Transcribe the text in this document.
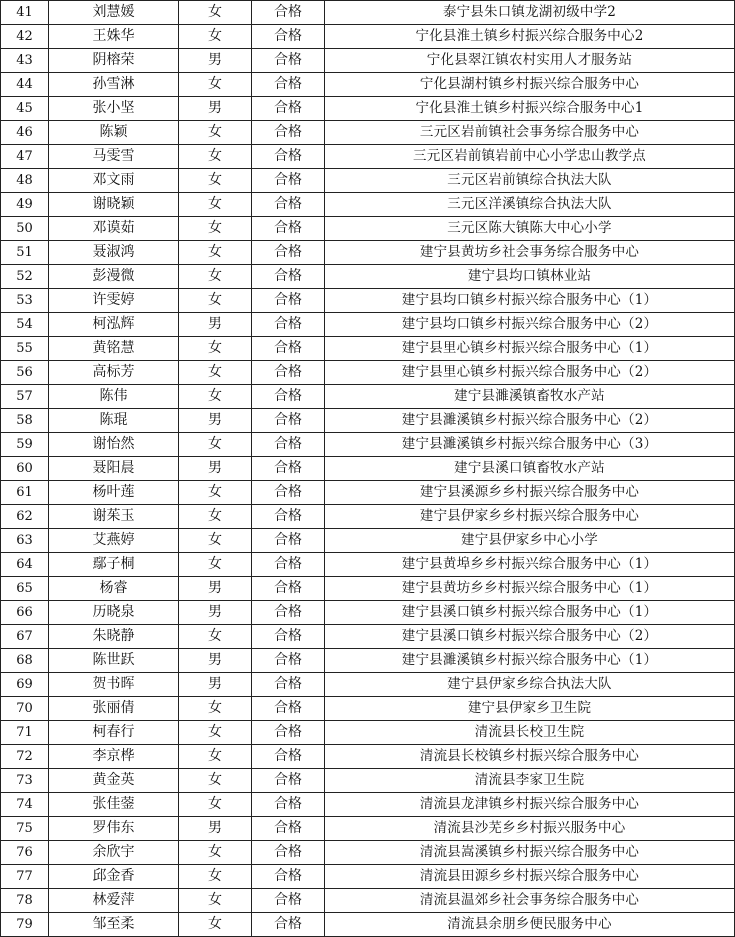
41	刘慧媛	女	合格	泰宁县朱口镇龙湖初级中学2
42	王姝华	女	合格	宁化县淮土镇乡村振兴综合服务中心2
43	阴榕荣	男	合格	宁化县翠江镇农村实用人才服务站
44	孙雪淋	女	合格	宁化县湖村镇乡村振兴综合服务中心
45	张小坚	男	合格	宁化县淮土镇乡村振兴综合服务中心1
46	陈颖	女	合格	三元区岩前镇社会事务综合服务中心
47	马雯雪	女	合格	三元区岩前镇岩前中心小学忠山教学点
48	邓文雨	女	合格	三元区岩前镇综合执法大队
49	谢晓颖	女	合格	三元区洋溪镇综合执法大队
50	邓谟茹	女	合格	三元区陈大镇陈大中心小学
51	聂淑鸿	女	合格	建宁县黄坊乡社会事务综合服务中心
52	彭漫微	女	合格	建宁县均口镇林业站
53	许雯婷	女	合格	建宁县均口镇乡村振兴综合服务中心（1）
54	柯泓辉	男	合格	建宁县均口镇乡村振兴综合服务中心（2）
55	黄铭慧	女	合格	建宁县里心镇乡村振兴综合服务中心（1）
56	高标芳	女	合格	建宁县里心镇乡村振兴综合服务中心（2）
57	陈伟	女	合格	建宁县濉溪镇畜牧水产站
58	陈琨	男	合格	建宁县濉溪镇乡村振兴综合服务中心（2）
59	谢怡然	女	合格	建宁县濉溪镇乡村振兴综合服务中心（3）
60	聂阳晨	男	合格	建宁县溪口镇畜牧水产站
61	杨叶莲	女	合格	建宁县溪源乡乡村振兴综合服务中心
62	谢茱玉	女	合格	建宁县伊家乡乡村振兴综合服务中心
63	艾燕婷	女	合格	建宁县伊家乡中心小学
64	鄢子桐	女	合格	建宁县黄埠乡乡村振兴综合服务中心（1）
65	杨睿	男	合格	建宁县黄坊乡乡村振兴综合服务中心（1）
66	历晓泉	男	合格	建宁县溪口镇乡村振兴综合服务中心（1）
67	朱晓静	女	合格	建宁县溪口镇乡村振兴综合服务中心（2）
68	陈世跃	男	合格	建宁县濉溪镇乡村振兴综合服务中心（1）
69	贺书晖	男	合格	建宁县伊家乡综合执法大队
70	张丽倩	女	合格	建宁县伊家乡卫生院
71	柯春行	女	合格	清流县长校卫生院
72	李京桦	女	合格	清流县长校镇乡村振兴综合服务中心
73	黄金英	女	合格	清流县李家卫生院
74	张佳蓥	女	合格	清流县龙津镇乡村振兴综合服务中心
75	罗伟东	男	合格	清流县沙芜乡乡村振兴服务中心
76	余欣宇	女	合格	清流县嵩溪镇乡村振兴综合服务中心
77	邱金香	女	合格	清流县田源乡乡村振兴综合服务中心
78	林爱萍	女	合格	清流县温郊乡社会事务综合服务中心
79	邹至柔	女	合格	清流县余朋乡便民服务中心
